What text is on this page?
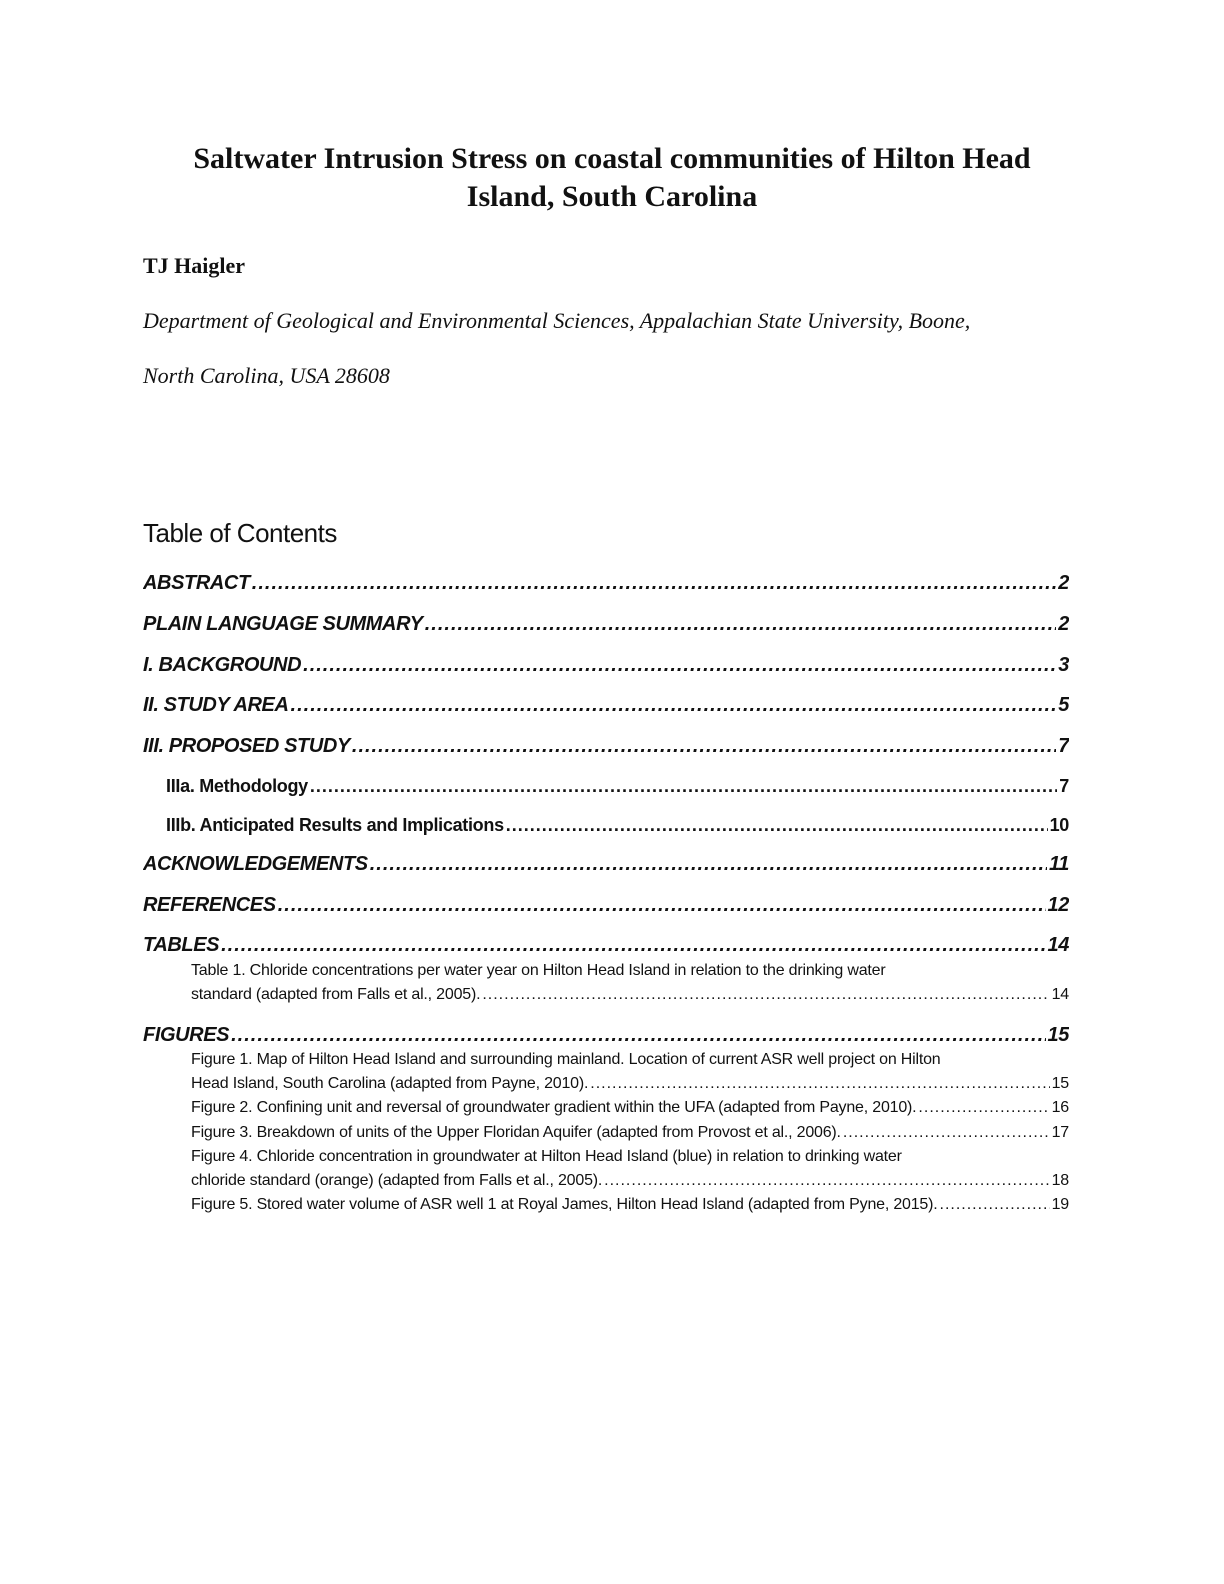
Saltwater Intrusion Stress on coastal communities of Hilton Head
Island, South Carolina
TJ Haigler
Department of Geological and Environmental Sciences, Appalachian State University, Boone,
North Carolina, USA 28608
Table of Contents
ABSTRACT .....	2
PLAIN LANGUAGE SUMMARY .....	2
I. BACKGROUND .....	3
II. STUDY AREA .....	5
III. PROPOSED STUDY .....	7
IIIa. Methodology .....	7
IIIb. Anticipated Results and Implications .....	10
ACKNOWLEDGEMENTS .....	11
REFERENCES .....	12
TABLES .....	14
FIGURES .....	15
Table 1. Chloride concentrations per water year on Hilton Head Island in relation to the drinking water
standard (adapted from Falls et al., 2005). .....	14
Figure 1. Map of Hilton Head Island and surrounding mainland. Location of current ASR well project on Hilton
Head Island, South Carolina (adapted from Payne, 2010). .....	15
Figure 2. Confining unit and reversal of groundwater gradient within the UFA (adapted from Payne, 2010). .....	16
Figure 3. Breakdown of units of the Upper Floridan Aquifer (adapted from Provost et al., 2006). .....	17
Figure 4. Chloride concentration in groundwater at Hilton Head Island (blue) in relation to drinking water
chloride standard (orange) (adapted from Falls et al., 2005). .....	18
Figure 5. Stored water volume of ASR well 1 at Royal James, Hilton Head Island (adapted from Pyne, 2015). .....	19
